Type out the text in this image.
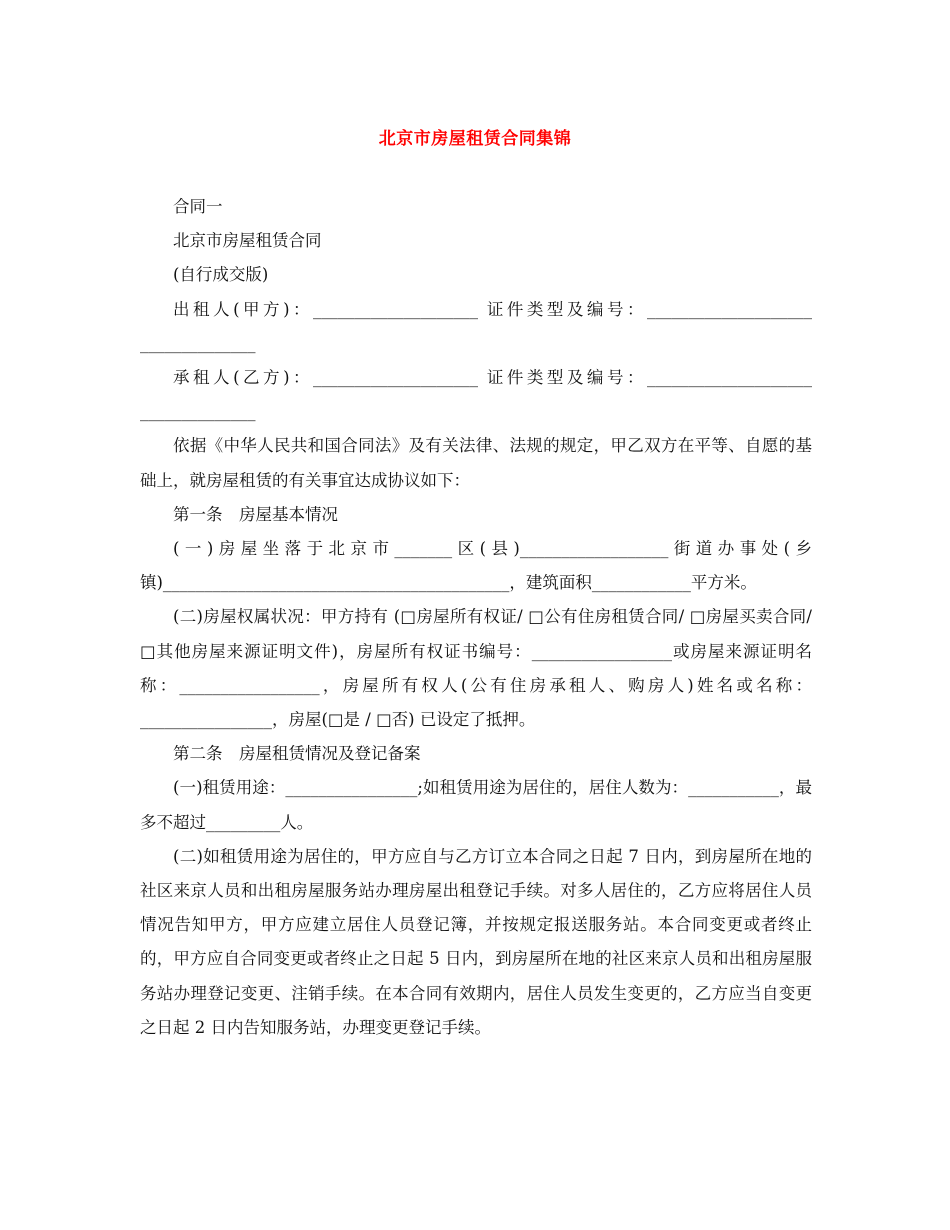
北京市房屋租赁合同集锦

合同一

北京市房屋租赁合同

(自行成交版)

出租人(甲方)：____________________ 证件类型及编号：____________________ ______________

承租人(乙方)：____________________ 证件类型及编号：____________________ ______________

依据《中华人民共和国合同法》及有关法律、法规的规定，甲乙双方在平等、自愿的基础上，就房屋租赁的有关事宜达成协议如下：

第一条　房屋基本情况

(一)房屋坐落于北京市_______区(县)__________________街道办事处(乡镇)__________________________________________，建筑面积____________平方米。

(二)房屋权属状况：甲方持有 (□房屋所有权证/ □公有住房租赁合同/ □房屋买卖合同/ □其他房屋来源证明文件)，房屋所有权证书编号：_________________或房屋来源证明名称：_________________，房屋所有权人(公有住房承租人、购房人)姓名或名称：________________，房屋(□是 / □否) 已设定了抵押。

第二条　房屋租赁情况及登记备案

(一)租赁用途：________________;如租赁用途为居住的，居住人数为：___________，最多不超过_________人。

(二)如租赁用途为居住的，甲方应自与乙方订立本合同之日起 7 日内，到房屋所在地的社区来京人员和出租房屋服务站办理房屋出租登记手续。对多人居住的，乙方应将居住人员情况告知甲方，甲方应建立居住人员登记簿，并按规定报送服务站。本合同变更或者终止的，甲方应自合同变更或者终止之日起 5 日内，到房屋所在地的社区来京人员和出租房屋服务站办理登记变更、注销手续。在本合同有效期内，居住人员发生变更的，乙方应当自变更之日起 2 日内告知服务站，办理变更登记手续。
